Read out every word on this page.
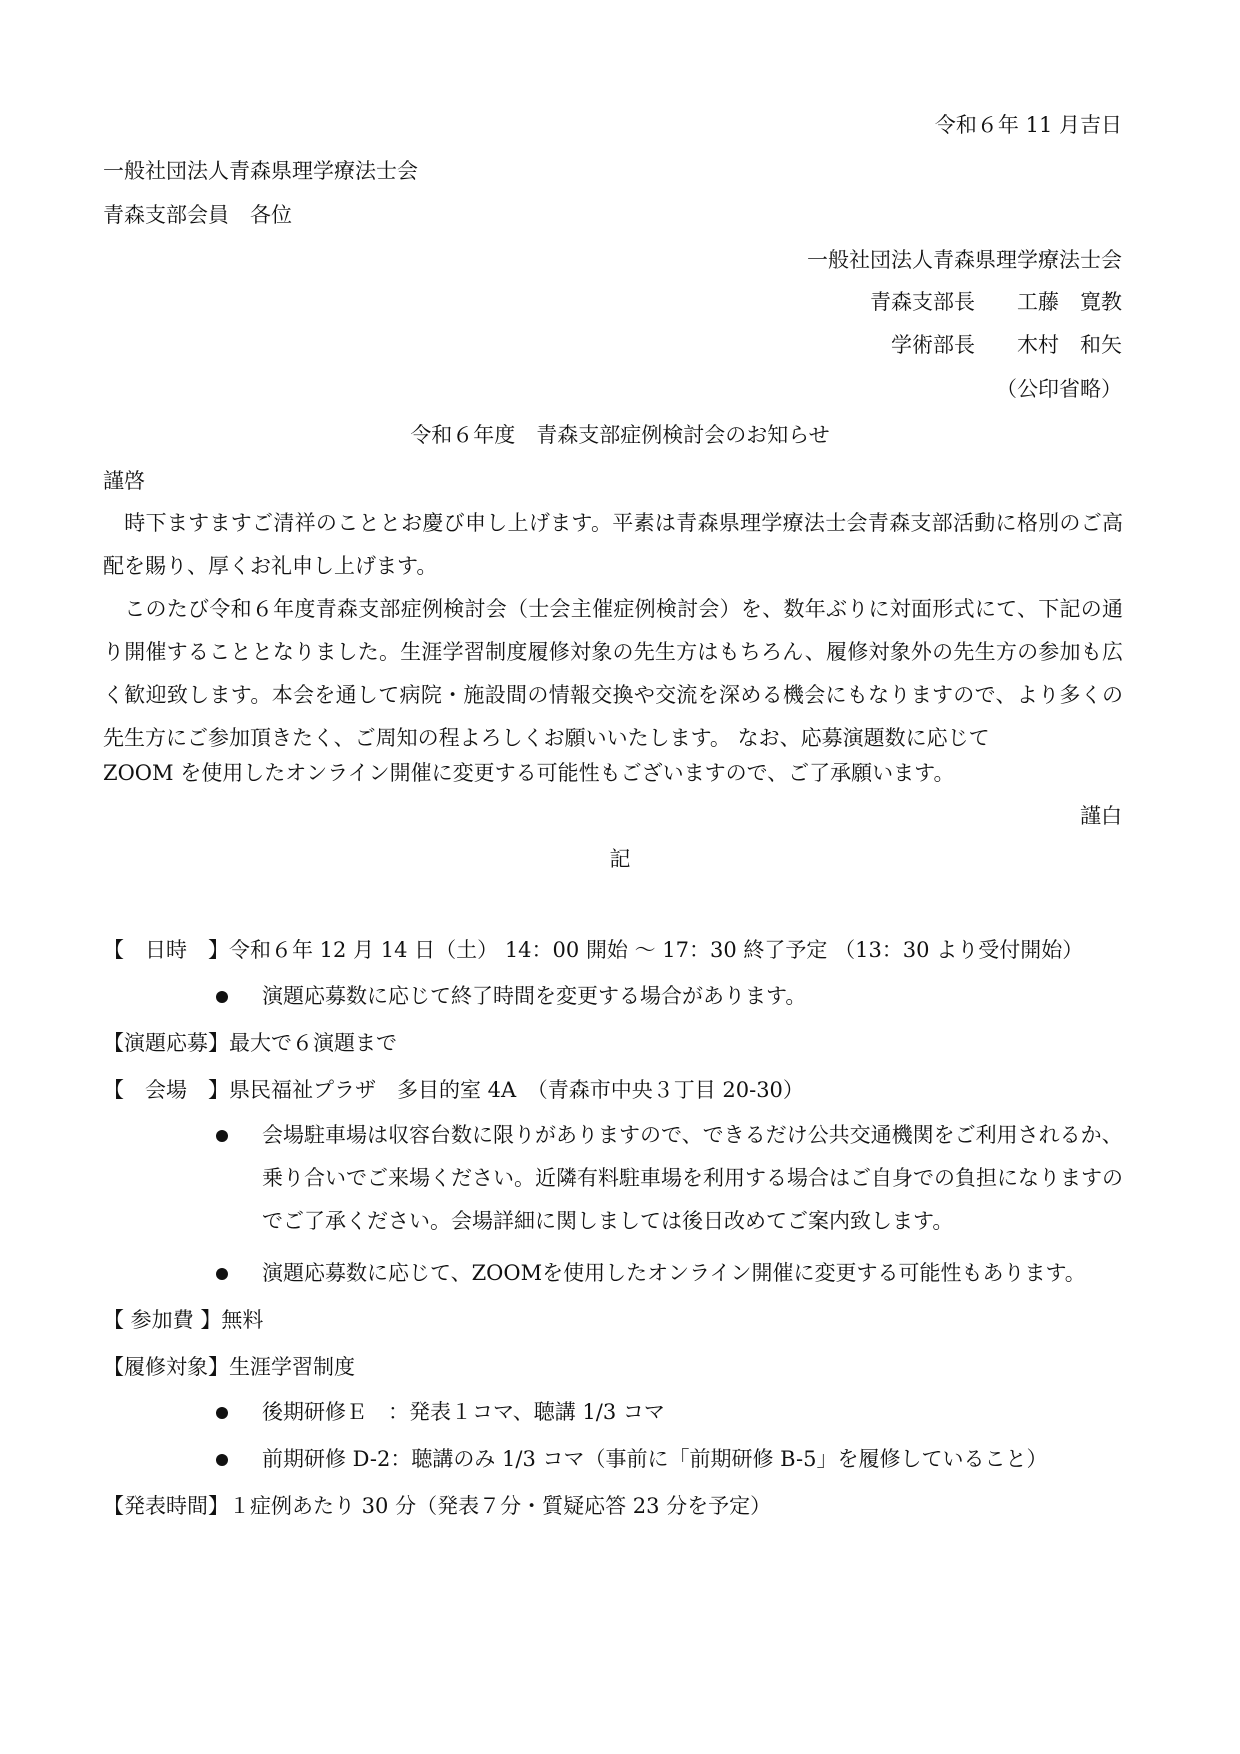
令和６年 11 月吉日
一般社団法人青森県理学療法士会
青森支部会員　各位
一般社団法人青森県理学療法士会
青森支部長　　工藤　寛教
学術部長　　木村　和矢
（公印省略）
令和６年度　青森支部症例検討会のお知らせ
謹啓
時下ますますご清祥のこととお慶び申し上げます。平素は青森県理学療法士会青森支部活動に格別のご高配を賜り、厚くお礼申し上げます。
このたび令和６年度青森支部症例検討会（士会主催症例検討会）を、数年ぶりに対面形式にて、下記の通り開催することとなりました。生涯学習制度履修対象の先生方はもちろん、履修対象外の先生方の参加も広く歓迎致します。本会を通して病院・施設間の情報交換や交流を深める機会にもなりますので、より多くの先生方にご参加頂きたく、ご周知の程よろしくお願いいたします。 なお、応募演題数に応じて
ZOOM を使用したオンライン開催に変更する可能性もございますので、ご了承願います。
謹白
記
【　日時　】令和６年 12 月 14 日（土） 14：00 開始 ～ 17：30 終了予定 （13：30 より受付開始）
演題応募数に応じて終了時間を変更する場合があります。
【演題応募】最大で６演題まで
【　会場　】県民福祉プラザ　多目的室 4A　（青森市中央３丁目 20-30）
会場駐車場は収容台数に限りがありますので、できるだけ公共交通機関をご利用されるか、乗り合いでご来場ください。近隣有料駐車場を利用する場合はご自身での負担になりますのでご了承ください。会場詳細に関しましては後日改めてご案内致します。
演題応募数に応じて、ZOOMを使用したオンライン開催に変更する可能性もあります。
【 参加費 】無料
【履修対象】生涯学習制度
後期研修Ｅ　：発表１コマ、聴講 1/3 コマ
前期研修 D-2：聴講のみ 1/3 コマ（事前に「前期研修 B-5」を履修していること）
【発表時間】１症例あたり 30 分（発表７分・質疑応答 23 分を予定）
